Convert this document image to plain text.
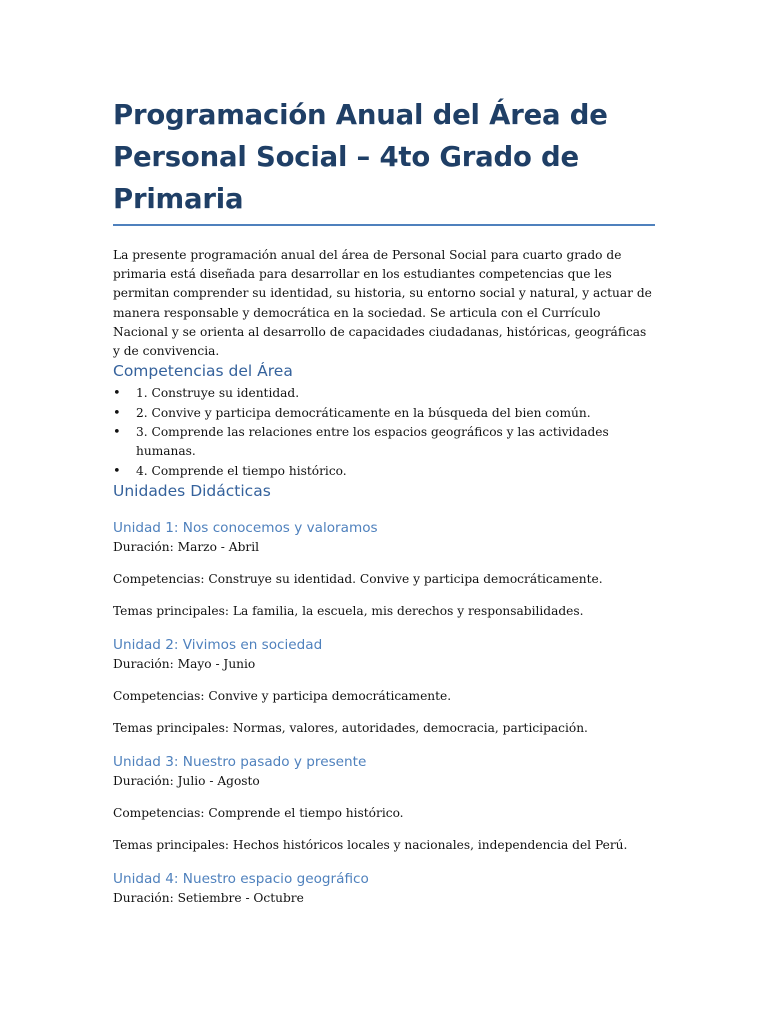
Programación Anual del Área de Personal Social – 4to Grado de Primaria

La presente programación anual del área de Personal Social para cuarto grado de primaria está diseñada para desarrollar en los estudiantes competencias que les permitan comprender su identidad, su historia, su entorno social y natural, y actuar de manera responsable y democrática en la sociedad. Se articula con el Currículo Nacional y se orienta al desarrollo de capacidades ciudadanas, históricas, geográficas y de convivencia.

Competencias del Área
• 1. Construye su identidad.
• 2. Convive y participa democráticamente en la búsqueda del bien común.
• 3. Comprende las relaciones entre los espacios geográficos y las actividades humanas.
• 4. Comprende el tiempo histórico.
Unidades Didácticas
Unidad 1: Nos conocemos y valoramos

Duración: Marzo - Abril

Competencias: Construye su identidad. Convive y participa democráticamente.

Temas principales: La familia, la escuela, mis derechos y responsabilidades.

Unidad 2: Vivimos en sociedad

Duración: Mayo - Junio

Competencias: Convive y participa democráticamente.

Temas principales: Normas, valores, autoridades, democracia, participación.

Unidad 3: Nuestro pasado y presente

Duración: Julio - Agosto

Competencias: Comprende el tiempo histórico.

Temas principales: Hechos históricos locales y nacionales, independencia del Perú.

Unidad 4: Nuestro espacio geográfico

Duración: Setiembre - Octubre
